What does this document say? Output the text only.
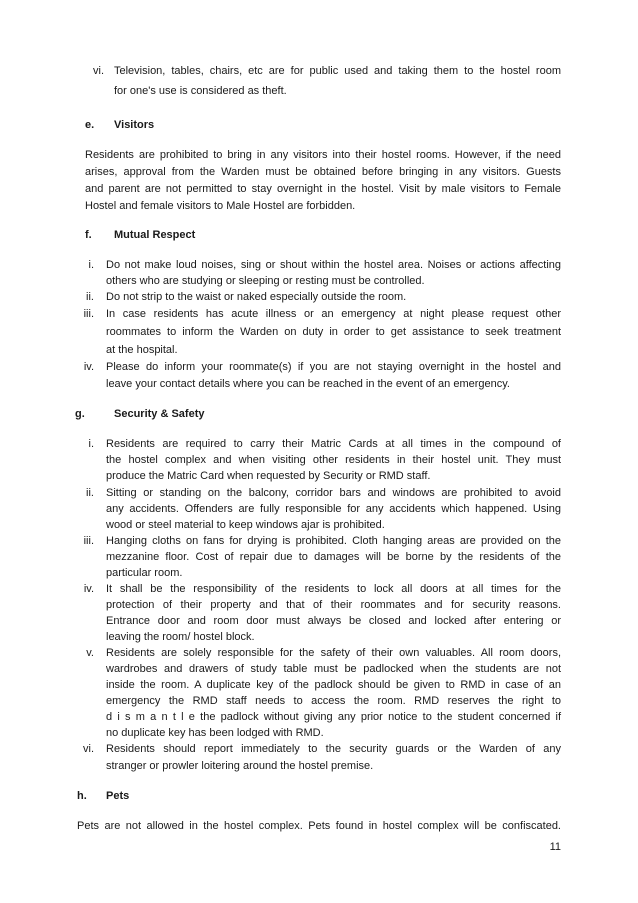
vi. Television, tables, chairs, etc are for public used and taking them to the hostel room
for one's use is considered as theft.
e. Visitors
Residents are prohibited to bring in any visitors into their hostel rooms. However, if the need
arises, approval from the Warden must be obtained before bringing in any visitors. Guests
and parent are not permitted to stay overnight in the hostel. Visit by male visitors to Female
Hostel and female visitors to Male Hostel are forbidden.
f. Mutual Respect
i. Do not make loud noises, sing or shout within the hostel area. Noises or actions affecting
others who are studying or sleeping or resting must be controlled.
ii. Do not strip to the waist or naked especially outside the room.
iii. In case residents has acute illness or an emergency at night please request other
roommates to inform the Warden on duty in order to get assistance to seek treatment
at the hospital.
iv. Please do inform your roommate(s) if you are not staying overnight in the hostel and
leave your contact details where you can be reached in the event of an emergency.
g.	Security & Safety
i. Residents are required to carry their Matric Cards at all times in the compound of
the hostel complex and when visiting other residents in their hostel unit. They must
produce the Matric Card when requested by Security or RMD staff.
ii. Sitting or standing on the balcony, corridor bars and windows are prohibited to avoid
any accidents. Offenders are fully responsible for any accidents which happened. Using
wood or steel material to keep windows ajar is prohibited.
iii. Hanging cloths on fans for drying is prohibited. Cloth hanging areas are provided on the
mezzanine floor. Cost of repair due to damages will be borne by the residents of the
particular room.
iv. It shall be the responsibility of the residents to lock all doors at all times for the
protection of their property and that of their roommates and for security reasons.
Entrance door and room door must always be closed and locked after entering or
leaving the room/ hostel block.
v. Residents are solely responsible for the safety of their own valuables. All room doors,
wardrobes and drawers of study table must be padlocked when the students are not
inside the room. A duplicate key of the padlock should be given to RMD in case of an
emergency the RMD staff needs to access the room. RMD reserves the right to
d i s m a n t l e the padlock without giving any prior notice to the student concerned if
no duplicate key has been lodged with RMD.
vi. Residents should report immediately to the security guards or the Warden of any
stranger or prowler loitering around the hostel premise.
h. Pets
Pets are not allowed in the hostel complex. Pets found in hostel complex will be confiscated.
11
